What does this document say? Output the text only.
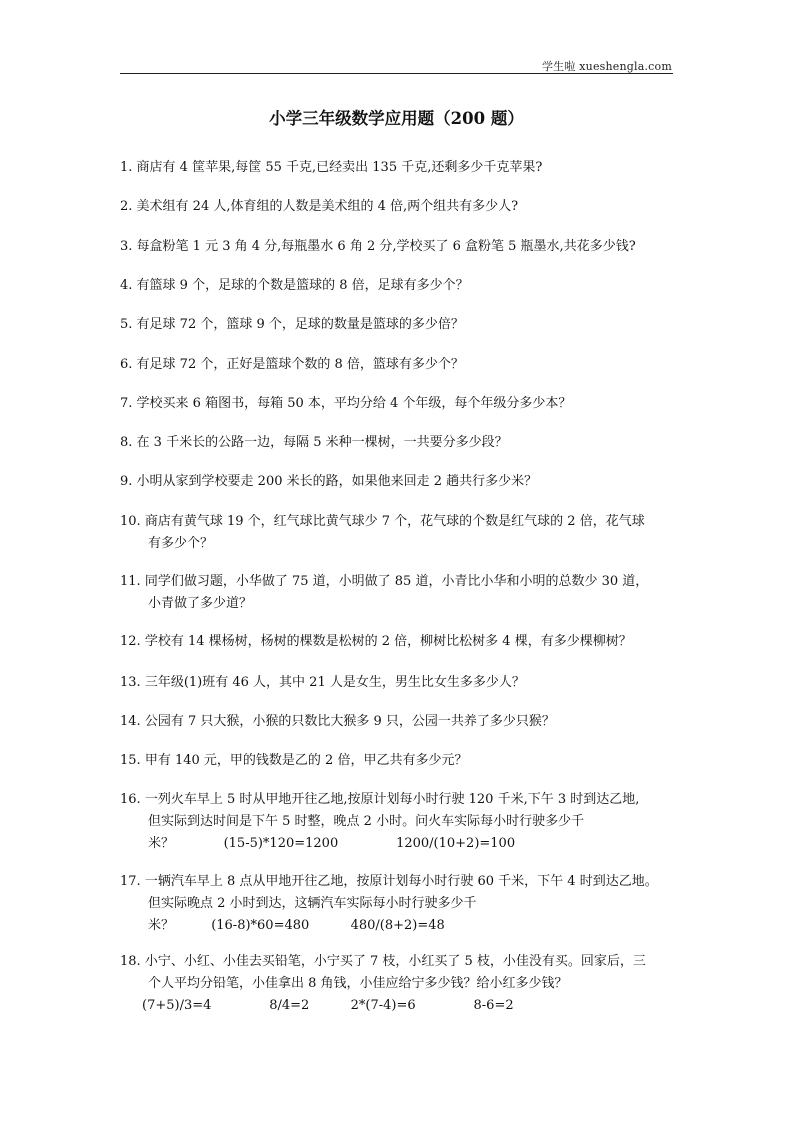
学生啦 xueshengla.com
小学三年级数学应用题（200 题）
1. 商店有 4 筐苹果,每筐 55 千克,已经卖出 135 千克,还剩多少千克苹果?
2. 美术组有 24 人,体育组的人数是美术组的 4 倍,两个组共有多少人?
3. 每盒粉笔 1 元 3 角 4 分,每瓶墨水 6 角 2 分,学校买了 6 盒粉笔 5 瓶墨水,共花多少钱?
4. 有篮球 9 个，足球的个数是篮球的 8 倍，足球有多少个？
5. 有足球 72 个，篮球 9 个，足球的数量是篮球的多少倍？
6. 有足球 72 个，正好是篮球个数的 8 倍，篮球有多少个？
7. 学校买来 6 箱图书，每箱 50 本，平均分给 4 个年级，每个年级分多少本？
8. 在 3 千米长的公路一边，每隔 5 米种一棵树，一共要分多少段？
9. 小明从家到学校要走 200 米长的路，如果他来回走 2 趟共行多少米？
10. 商店有黄气球 19 个，红气球比黄气球少 7 个，花气球的个数是红气球的 2 倍，花气球
有多少个？
11. 同学们做习题，小华做了 75 道，小明做了 85 道，小青比小华和小明的总数少 30 道，
小青做了多少道？
12. 学校有 14 棵杨树，杨树的棵数是松树的 2 倍，柳树比松树多 4 棵，有多少棵柳树？
13. 三年级(1)班有 46 人，其中 21 人是女生，男生比女生多多少人？
14. 公园有 7 只大猴，小猴的只数比大猴多 9 只，公园一共养了多少只猴？
15. 甲有 140 元，甲的钱数是乙的 2 倍，甲乙共有多少元？
16. 一列火车早上 5 时从甲地开往乙地,按原计划每小时行驶 120 千米,下午 3 时到达乙地,
但实际到达时间是下午 5 时整，晚点 2 小时。问火车实际每小时行驶多少千
米？            (15-5)*120=1200              1200/(10+2)=100
17. 一辆汽车早上 8 点从甲地开往乙地，按原计划每小时行驶 60 千米，下午 4 时到达乙地。
但实际晚点 2 小时到达，这辆汽车实际每小时行驶多少千
米？         (16-8)*60=480          480/(8+2)=48
18. 小宁、小红、小佳去买铅笔，小宁买了 7 枝，小红买了 5 枝，小佳没有买。回家后，三
个人平均分铅笔，小佳拿出 8 角钱，小佳应给宁多少钱？给小红多少钱？
(7+5)/3=4              8/4=2          2*(7-4)=6              8-6=2
